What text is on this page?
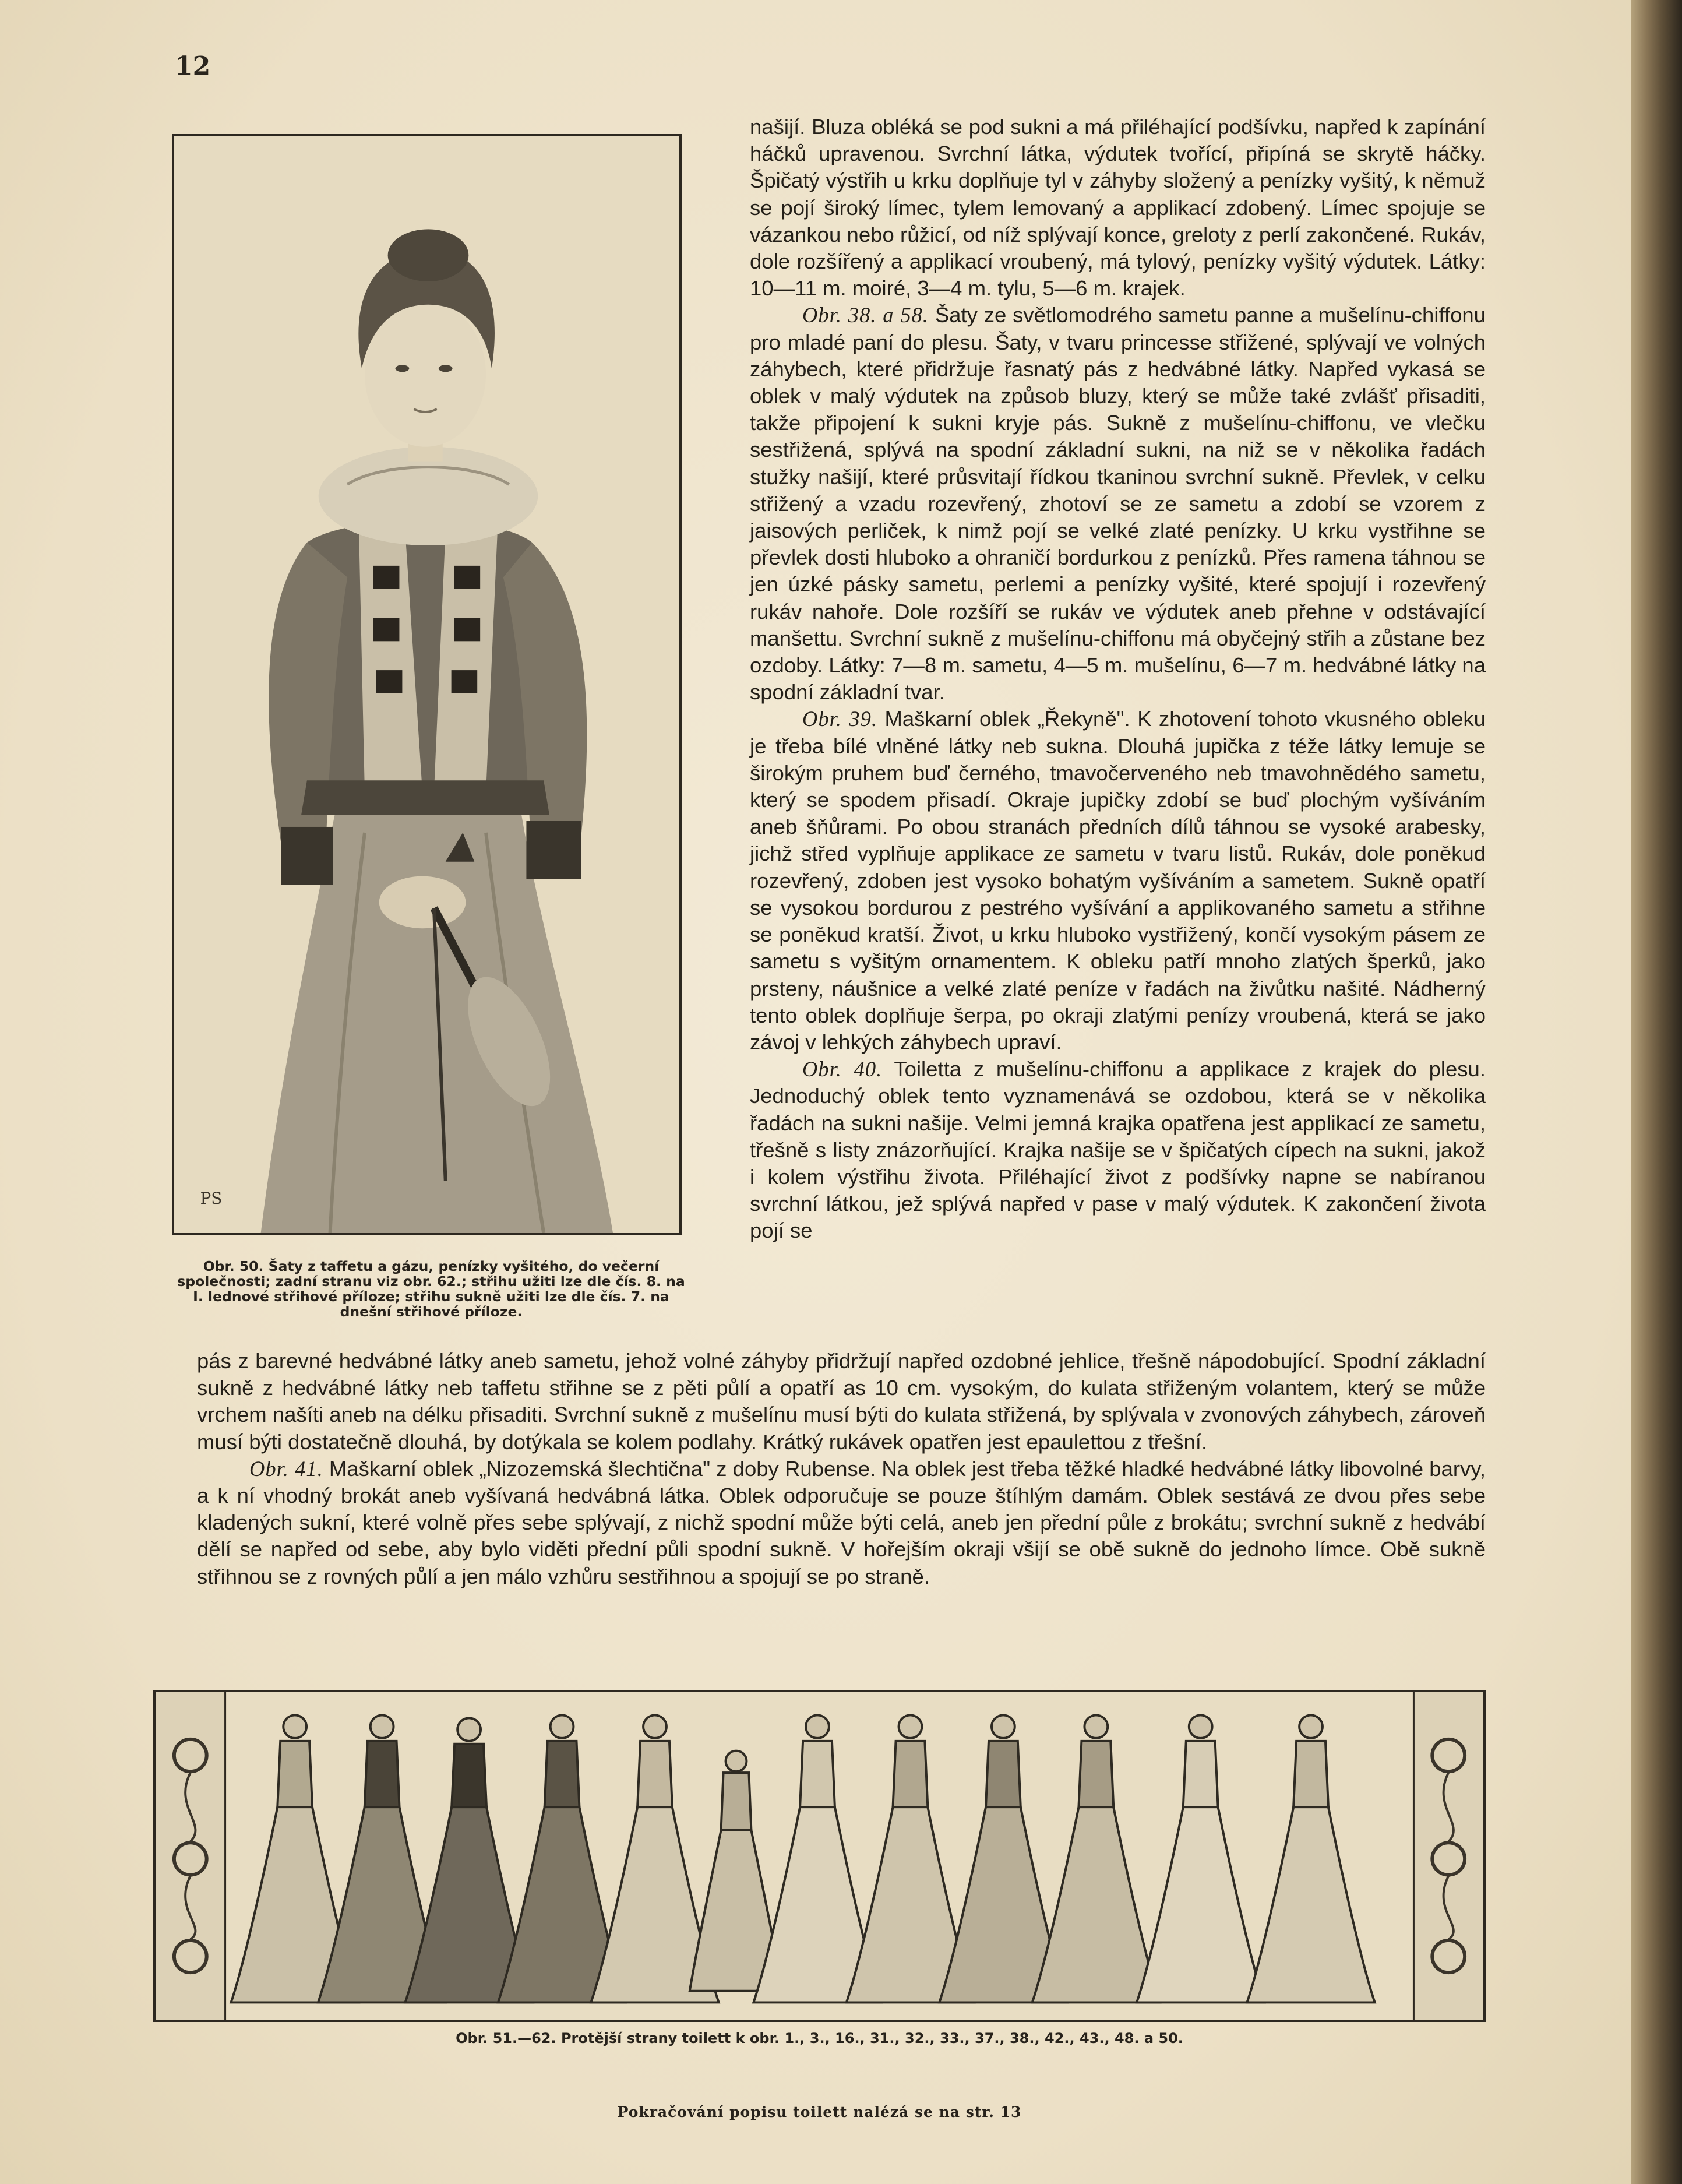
12
PS
Obr. 50. Šaty z taffetu a gázu, penízky vyšitého, do večerní společnosti; zadní stranu viz obr. 62.; střihu užiti lze dle čís. 8. na I. lednové střihové příloze; střihu sukně užiti lze dle čís. 7. na dnešní střihové příloze.

našijí. Bluza obléká se pod sukni a má přiléhající podšívku, napřed k zapínání háčků upravenou. Svrchní látka, výdutek tvořící, připíná se skrytě háčky. Špičatý výstřih u krku doplňuje tyl v záhyby složený a penízky vyšitý, k němuž se pojí široký límec, tylem lemovaný a applikací zdobený. Límec spojuje se vázankou nebo růžicí, od níž splývají konce, greloty z perlí zakončené. Rukáv, dole rozšířený a applikací vroubený, má tylový, penízky vyšitý výdutek. Látky: 10—11 m. moiré, 3—4 m. tylu, 5—6 m. krajek.

Obr. 38. a 58. Šaty ze světlomodrého sametu panne a mušelínu-chiffonu pro mladé paní do plesu. Šaty, v tvaru princesse střižené, splývají ve volných záhybech, které přidržuje řasnatý pás z hedvábné látky. Napřed vykasá se oblek v malý výdutek na způsob bluzy, který se může také zvlášť přisaditi, takže připojení k sukni kryje pás. Sukně z mušelínu-chiffonu, ve vlečku sestřižená, splývá na spodní základní sukni, na niž se v několika řadách stužky našijí, které průsvitají řídkou tkaninou svrchní sukně. Převlek, v celku střižený a vzadu rozevřený, zhotoví se ze sametu a zdobí se vzorem z jaisových perliček, k nimž pojí se velké zlaté penízky. U krku vystřihne se převlek dosti hluboko a ohraničí bordurkou z penízků. Přes ramena táhnou se jen úzké pásky sametu, perlemi a penízky vyšité, které spojují i rozevřený rukáv nahoře. Dole rozšíří se rukáv ve výdutek aneb přehne v odstávající manšettu. Svrchní sukně z mušelínu-chiffonu má obyčejný střih a zůstane bez ozdoby. Látky: 7—8 m. sametu, 4—5 m. mušelínu, 6—7 m. hedvábné látky na spodní základní tvar.

Obr. 39. Maškarní oblek „Řekyně". K zhotovení tohoto vkusného obleku je třeba bílé vlněné látky neb sukna. Dlouhá jupička z téže látky lemuje se širokým pruhem buď černého, tmavočerveného neb tmavohnědého sametu, který se spodem přisadí. Okraje jupičky zdobí se buď plochým vyšíváním aneb šňůrami. Po obou stranách předních dílů táhnou se vysoké arabesky, jichž střed vyplňuje applikace ze sametu v tvaru listů. Rukáv, dole poněkud rozevřený, zdoben jest vysoko bohatým vyšíváním a sametem. Sukně opatří se vysokou bordurou z pestrého vyšívání a applikovaného sametu a střihne se poněkud kratší. Život, u krku hluboko vystřižený, končí vysokým pásem ze sametu s vyšitým ornamentem. K obleku patří mnoho zlatých šperků, jako prsteny, náušnice a velké zlaté peníze v řadách na živůtku našité. Nádherný tento oblek doplňuje šerpa, po okraji zlatými penízy vroubená, která se jako závoj v lehkých záhybech upraví.

Obr. 40. Toiletta z mušelínu-chiffonu a applikace z krajek do plesu. Jednoduchý oblek tento vyznamenává se ozdobou, která se v několika řadách na sukni našije. Velmi jemná krajka opatřena jest applikací ze sametu, třešně s listy znázorňující. Krajka našije se v špičatých cípech na sukni, jakož i kolem výstřihu života. Přiléhající život z podšívky napne se nabíranou svrchní látkou, jež splývá napřed v pase v malý výdutek. K zakončení života pojí se

pás z barevné hedvábné látky aneb sametu, jehož volné záhyby přidržují napřed ozdobné jehlice, třešně nápodobující. Spodní základní sukně z hedvábné látky neb taffetu střihne se z pěti půlí a opatří as 10 cm. vysokým, do kulata střiženým volantem, který se může vrchem našíti aneb na délku přisaditi. Svrchní sukně z mušelínu musí býti do kulata střižená, by splývala v zvonových záhybech, zároveň musí býti dostatečně dlouhá, by dotýkala se kolem podlahy. Krátký rukávek opatřen jest epaulettou z třešní.

Obr. 41. Maškarní oblek „Nizozemská šlechtična" z doby Rubense. Na oblek jest třeba těžké hladké hedvábné látky libovolné barvy, a k ní vhodný brokát aneb vyšívaná hedvábná látka. Oblek odporučuje se pouze štíhlým damám. Oblek sestává ze dvou přes sebe kladených sukní, které volně přes sebe splývají, z nichž spodní může býti celá, aneb jen přední půle z brokátu; svrchní sukně z hedvábí dělí se napřed od sebe, aby bylo viděti přední půli spodní sukně. V hořejším okraji všijí se obě sukně do jednoho límce. Obě sukně střihnou se z rovných půlí a jen málo vzhůru sestřihnou a spojují se po straně.

Obr. 51.—62. Protější strany toilett k obr. 1., 3., 16., 31., 32., 33., 37., 38., 42., 43., 48. a 50.
Pokračování popisu toilett nalézá se na str. 13
